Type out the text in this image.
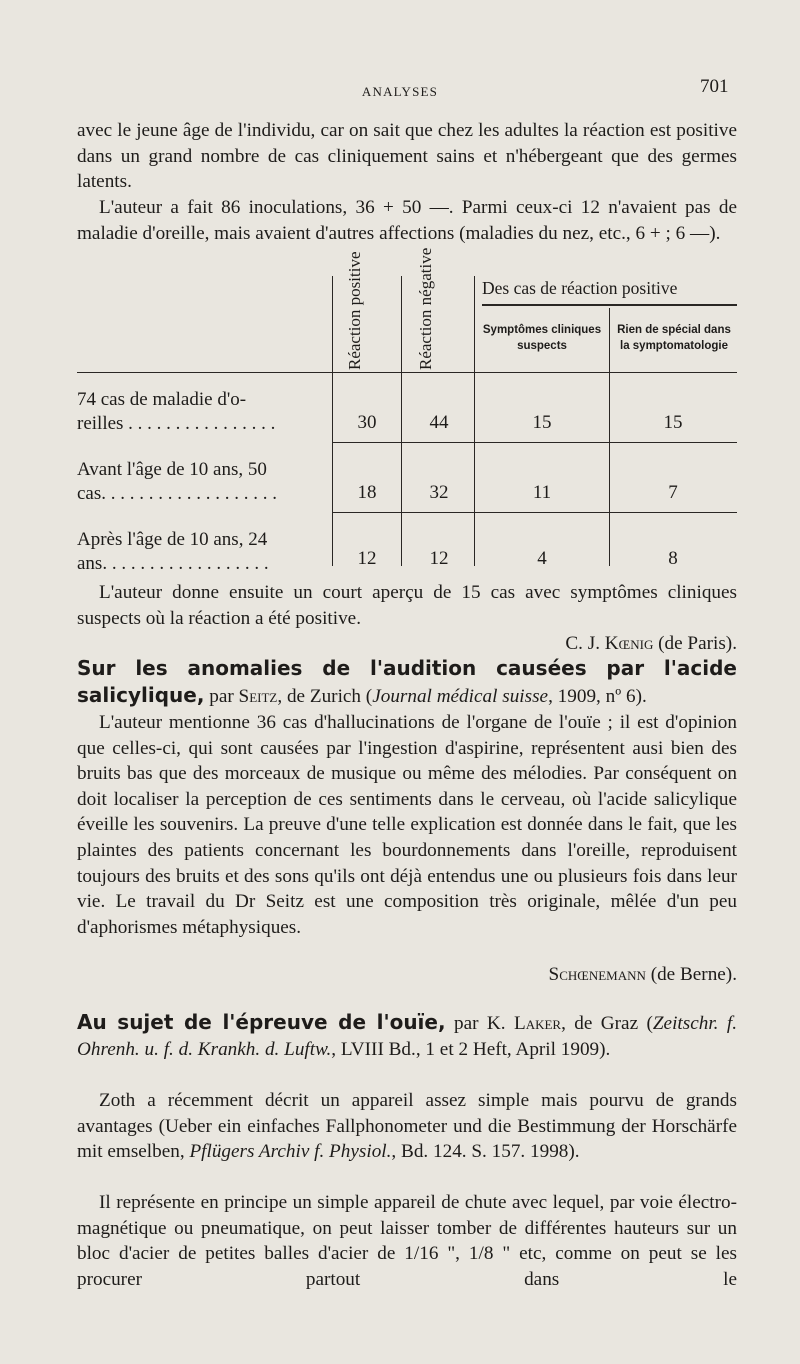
ANALYSES	701

avec le jeune âge de l'individu, car on sait que chez les adultes la réaction est positive dans un grand nombre de cas cliniquement sains et n'hébergeant que des germes latents.

L'auteur a fait 86 inoculations, 36 + 50 —. Parmi ceux-ci 12 n'avaient pas de maladie d'oreille, mais avaient d'autres affections (maladies du nez, etc., 6 + ; 6 —).

Réaction positive	Réaction négative	Des cas de réaction positive
Symptômes cliniques suspects
Rien de spécial dans la symptomatologie
74 cas de maladie d'o-
reilles . . . . . . . . . . . . . . . .	30	44	15	15
Avant l'âge de 10 ans, 50
cas. . . . . . . . . . . . . . . . . . .	18	32	11	7
Après l'âge de 10 ans, 24
ans. . . . . . . . . . . . . . . . . .	12	12	4	8

L'auteur donne ensuite un court aperçu de 15 cas avec symptômes cliniques suspects où la réaction a été positive.

C. J. Kœnig (de Paris).

Sur les anomalies de l'audition causées par l'acide salicylique, par Seitz, de Zurich (Journal médical suisse, 1909, nº 6).

L'auteur mentionne 36 cas d'hallucinations de l'organe de l'ouïe ; il est d'opinion que celles-ci, qui sont causées par l'ingestion d'aspirine, représentent ausi bien des bruits bas que des morceaux de musique ou même des mélodies. Par conséquent on doit localiser la perception de ces sentiments dans le cerveau, où l'acide salicylique éveille les souvenirs. La preuve d'une telle explication est donnée dans le fait, que les plaintes des patients concernant les bourdonnements dans l'oreille, reproduisent toujours des bruits et des sons qu'ils ont déjà entendus une ou plusieurs fois dans leur vie. Le travail du Dr Seitz est une composition très originale, mêlée d'un peu d'aphorismes métaphysiques.

Schœnemann (de Berne).

Au sujet de l'épreuve de l'ouïe, par K. Laker, de Graz (Zeitschr. f. Ohrenh. u. f. d. Krankh. d. Luftw., LVIII Bd., 1 et 2 Heft, April 1909).

Zoth a récemment décrit un appareil assez simple mais pourvu de grands avantages (Ueber ein einfaches Fallphonometer und die Bestimmung der Horschärfe mit emselben, Pflügers Archiv f. Physiol., Bd. 124. S. 157. 1998).

Il représente en principe un simple appareil de chute avec lequel, par voie électro-magnétique ou pneumatique, on peut laisser tomber de différentes hauteurs sur un bloc d'acier de petites balles d'acier de 1/16 ", 1/8 " etc, comme on peut se les procurer partout dans le
